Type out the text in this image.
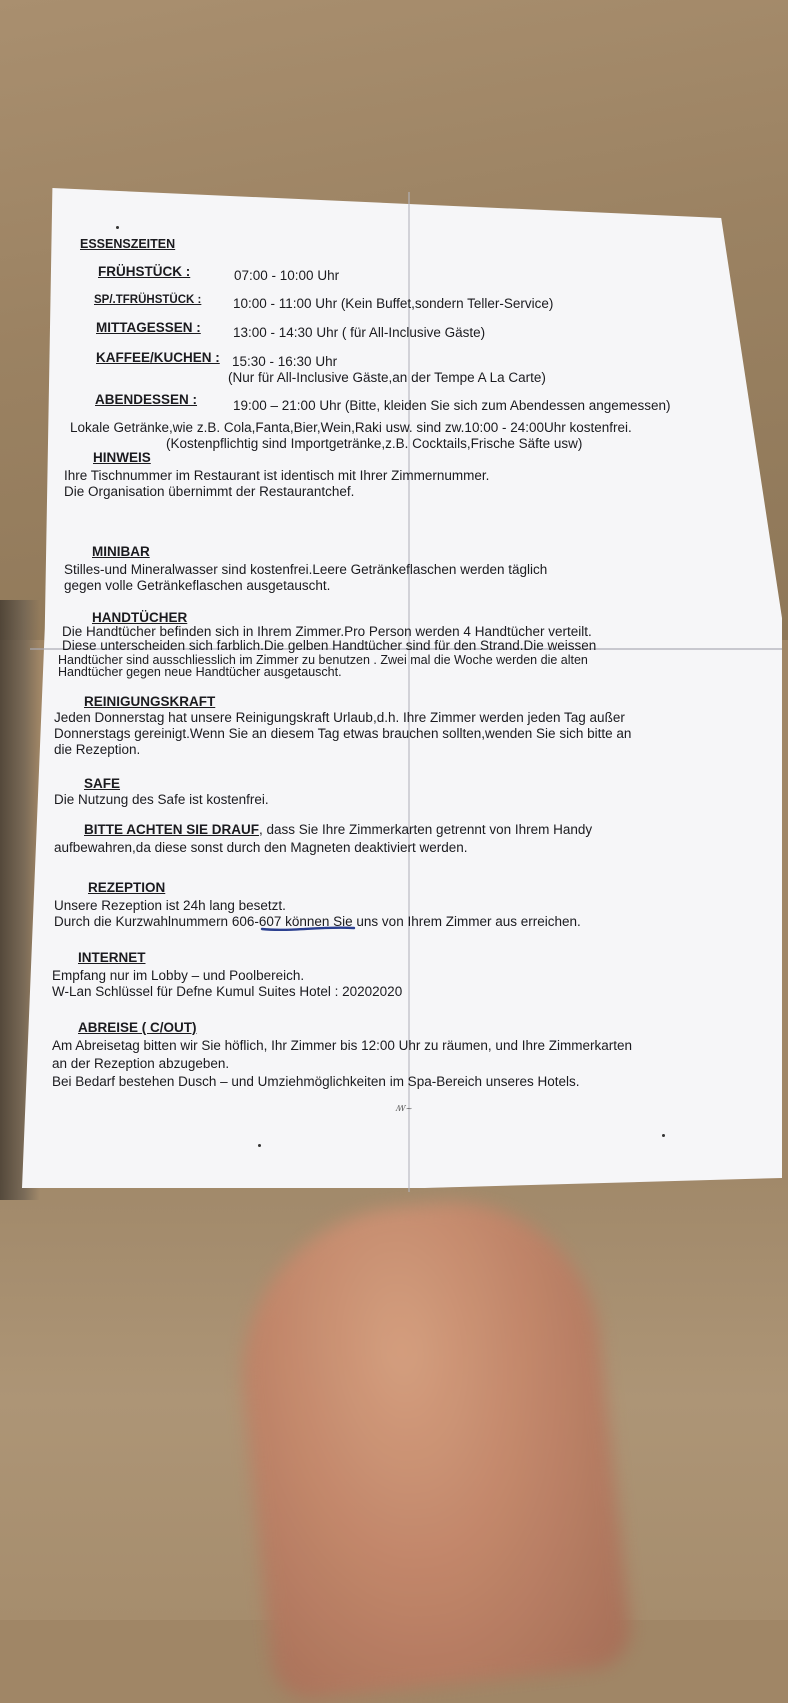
ESSENSZEITEN
FRÜHSTÜCK :	07:00 - 10:00 Uhr
SP/.TFRÜHSTÜCK : 10:00 - 11:00 Uhr (Kein Buffet,sondern Teller-Service)
MITTAGESSEN : 13:00 - 14:30 Uhr ( für All-Inclusive Gäste)
KAFFEE/KUCHEN : 15:30 - 16:30 Uhr
(Nur für All-Inclusive Gäste,an der Tempe A La Carte)
ABENDESSEN :	19:00 – 21:00 Uhr (Bitte, kleiden Sie sich zum Abendessen angemessen)
Lokale Getränke,wie z.B. Cola,Fanta,Bier,Wein,Raki usw. sind zw.10:00 - 24:00Uhr kostenfrei.
(Kostenpflichtig sind Importgetränke,z.B. Cocktails,Frische Säfte usw)
HINWEIS
Ihre Tischnummer im Restaurant ist identisch mit Ihrer Zimmernummer.
Die Organisation übernimmt der Restaurantchef.
MINIBAR
Stilles-und Mineralwasser sind kostenfrei.Leere Getränkeflaschen werden täglich
gegen volle Getränkeflaschen ausgetauscht.
HANDTÜCHER
Die Handtücher befinden sich in Ihrem Zimmer.Pro Person werden 4 Handtücher verteilt.
Diese unterscheiden sich farblich.Die gelben Handtücher sind für den Strand.Die weissen
Handtücher sind ausschliesslich im Zimmer zu benutzen . Zwei mal die Woche werden die alten
Handtücher gegen neue Handtücher ausgetauscht.
REINIGUNGSKRAFT
Jeden Donnerstag hat unsere Reinigungskraft Urlaub,d.h. Ihre Zimmer werden jeden Tag außer
Donnerstags gereinigt.Wenn Sie an diesem Tag etwas brauchen sollten,wenden Sie sich bitte an
die Rezeption.
SAFE
Die Nutzung des Safe ist kostenfrei.
BITTE ACHTEN SIE DRAUF, dass Sie Ihre Zimmerkarten getrennt von Ihrem Handy
aufbewahren,da diese sonst durch den Magneten deaktiviert werden.
REZEPTION
Unsere Rezeption ist 24h lang besetzt.
Durch die Kurzwahlnummern 606-607 können Sie uns von Ihrem Zimmer aus erreichen.
INTERNET
Empfang nur im Lobby – und Poolbereich.
W-Lan Schlüssel für Defne Kumul Suites Hotel : 20202020
ABREISE ( C/OUT)
Am Abreisetag bitten wir Sie höflich, Ihr Zimmer bis 12:00 Uhr zu räumen, und Ihre Zimmerkarten
an der Rezeption abzugeben.
Bei Bedarf bestehen Dusch – und Umziehmöglichkeiten im Spa-Bereich unseres Hotels.
ꟿ~
